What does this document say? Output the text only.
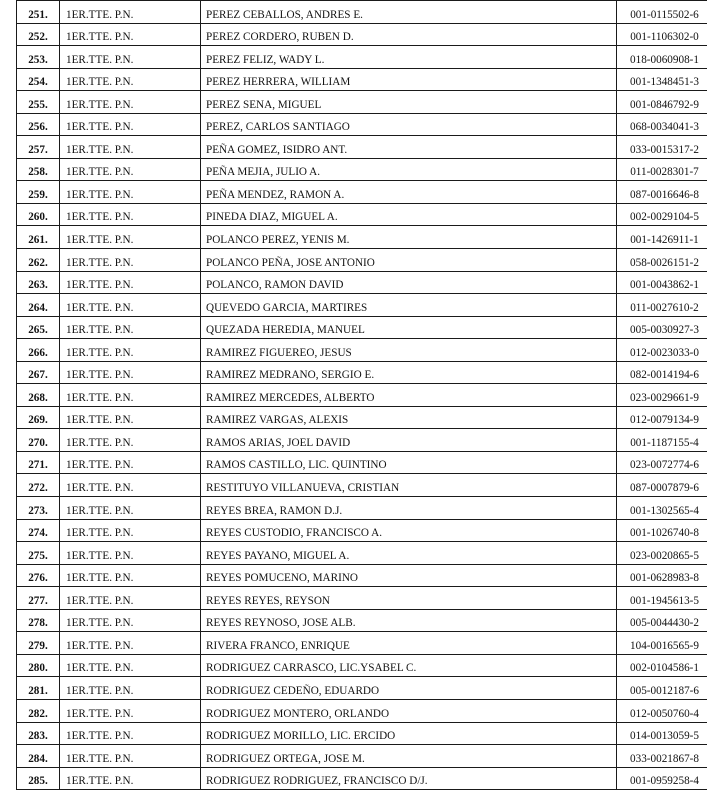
251.	1ER.TTE. P.N.	PEREZ CEBALLOS, ANDRES E.	001-0115502-6
252.	1ER.TTE. P.N.	PEREZ CORDERO, RUBEN D.	001-1106302-0
253.	1ER.TTE. P.N.	PEREZ FELIZ, WADY L.	018-0060908-1
254.	1ER.TTE. P.N.	PEREZ HERRERA, WILLIAM	001-1348451-3
255.	1ER.TTE. P.N.	PEREZ SENA, MIGUEL	001-0846792-9
256.	1ER.TTE. P.N.	PEREZ, CARLOS SANTIAGO	068-0034041-3
257.	1ER.TTE. P.N.	PEÑA GOMEZ, ISIDRO ANT.	033-0015317-2
258.	1ER.TTE. P.N.	PEÑA MEJIA, JULIO A.	011-0028301-7
259.	1ER.TTE. P.N.	PEÑA MENDEZ, RAMON A.	087-0016646-8
260.	1ER.TTE. P.N.	PINEDA DIAZ, MIGUEL A.	002-0029104-5
261.	1ER.TTE. P.N.	POLANCO PEREZ, YENIS M.	001-1426911-1
262.	1ER.TTE. P.N.	POLANCO PEÑA, JOSE ANTONIO	058-0026151-2
263.	1ER.TTE. P.N.	POLANCO, RAMON DAVID	001-0043862-1
264.	1ER.TTE. P.N.	QUEVEDO GARCIA, MARTIRES	011-0027610-2
265.	1ER.TTE. P.N.	QUEZADA HEREDIA, MANUEL	005-0030927-3
266.	1ER.TTE. P.N.	RAMIREZ FIGUEREO, JESUS	012-0023033-0
267.	1ER.TTE. P.N.	RAMIREZ MEDRANO, SERGIO E.	082-0014194-6
268.	1ER.TTE. P.N.	RAMIREZ MERCEDES, ALBERTO	023-0029661-9
269.	1ER.TTE. P.N.	RAMIREZ VARGAS, ALEXIS	012-0079134-9
270.	1ER.TTE. P.N.	RAMOS ARIAS, JOEL DAVID	001-1187155-4
271.	1ER.TTE. P.N.	RAMOS CASTILLO, LIC. QUINTINO	023-0072774-6
272.	1ER.TTE. P.N.	RESTITUYO VILLANUEVA, CRISTIAN	087-0007879-6
273.	1ER.TTE. P.N.	REYES BREA, RAMON D.J.	001-1302565-4
274.	1ER.TTE. P.N.	REYES CUSTODIO, FRANCISCO A.	001-1026740-8
275.	1ER.TTE. P.N.	REYES PAYANO, MIGUEL A.	023-0020865-5
276.	1ER.TTE. P.N.	REYES POMUCENO, MARINO	001-0628983-8
277.	1ER.TTE. P.N.	REYES REYES, REYSON	001-1945613-5
278.	1ER.TTE. P.N.	REYES REYNOSO, JOSE ALB.	005-0044430-2
279.	1ER.TTE. P.N.	RIVERA FRANCO, ENRIQUE	104-0016565-9
280.	1ER.TTE. P.N.	RODRIGUEZ CARRASCO, LIC.YSABEL C.	002-0104586-1
281.	1ER.TTE. P.N.	RODRIGUEZ CEDEÑO, EDUARDO	005-0012187-6
282.	1ER.TTE. P.N.	RODRIGUEZ MONTERO, ORLANDO	012-0050760-4
283.	1ER.TTE. P.N.	RODRIGUEZ MORILLO, LIC. ERCIDO	014-0013059-5
284.	1ER.TTE. P.N.	RODRIGUEZ ORTEGA, JOSE M.	033-0021867-8
285.	1ER.TTE. P.N.	RODRIGUEZ RODRIGUEZ, FRANCISCO D/J.	001-0959258-4
